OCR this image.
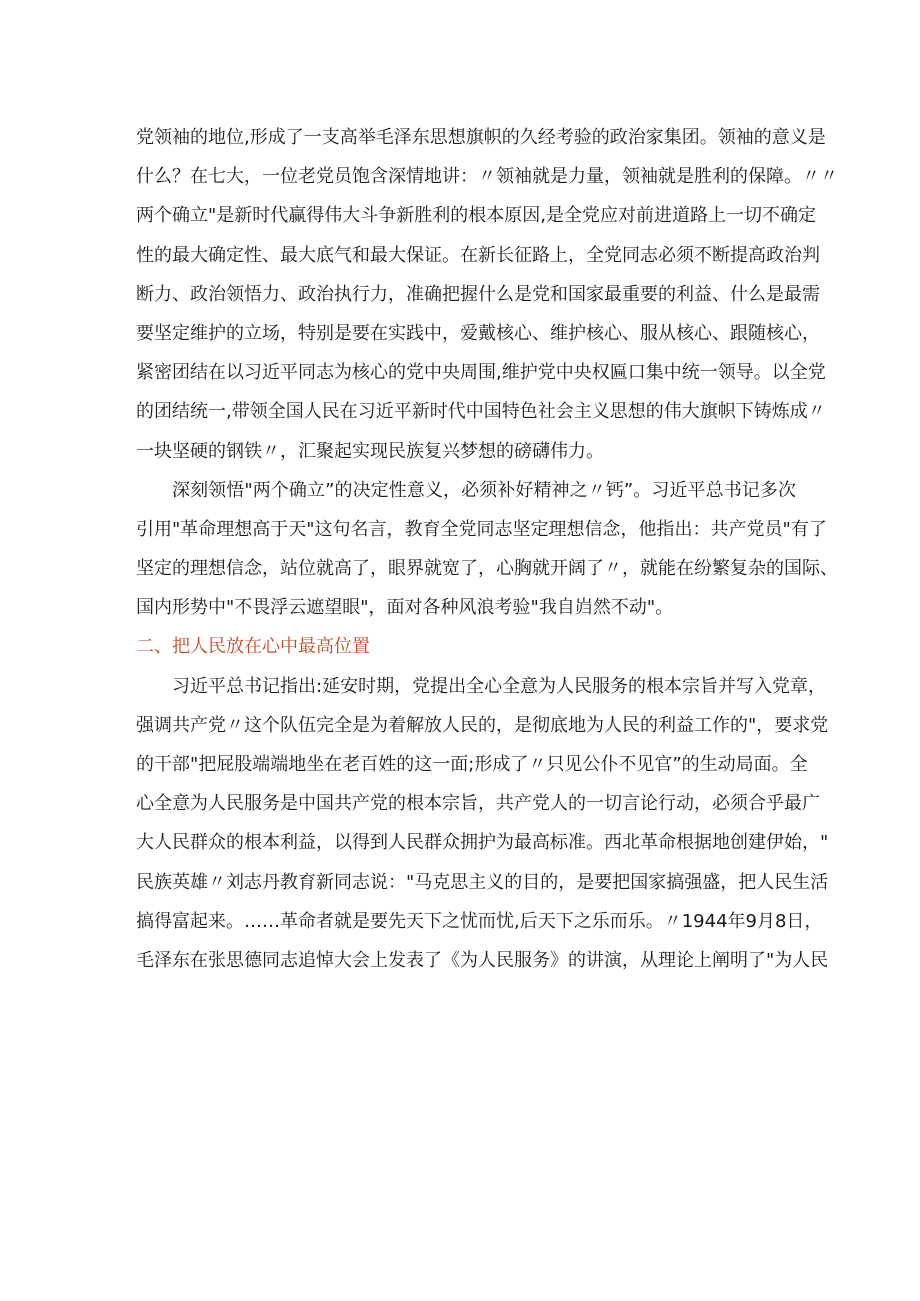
党领袖的地位,形成了一支高举毛泽东思想旗帜的久经考验的政治家集团。领袖的意义是
什么？在七大，一位老党员饱含深情地讲：〃领袖就是力量，领袖就是胜利的保障。〃〃
两个确立"是新时代赢得伟大斗争新胜利的根本原因,是全党应对前进道路上一切不确定
性的最大确定性、最大底气和最大保证。在新长征路上，全党同志必须不断提高政治判
断力、政治领悟力、政治执行力，准确把握什么是党和国家最重要的利益、什么是最需
要坚定维护的立场，特别是要在实践中，爱戴核心、维护核心、服从核心、跟随核心，
紧密团结在以习近平同志为核心的党中央周围,维护党中央权匾口集中统一领导。以全党
的团结统一,带领全国人民在习近平新时代中国特色社会主义思想的伟大旗帜下铸炼成〃
一块坚硬的钢铁〃，汇聚起实现民族复兴梦想的磅礴伟力。
深刻领悟"两个确立”的决定性意义，必须补好精神之〃钙”。习近平总书记多次
引用"革命理想高于天"这句名言，教育全党同志坚定理想信念，他指出：共产党员"有了
坚定的理想信念，站位就高了，眼界就宽了，心胸就开阔了〃，就能在纷繁复杂的国际、
国内形势中"不畏浮云遮望眼"，面对各种风浪考验"我自岿然不动"。
二、把人民放在心中最高位置
习近平总书记指出:延安时期，党提出全心全意为人民服务的根本宗旨并写入党章，
强调共产党〃这个队伍完全是为着解放人民的，是彻底地为人民的利益工作的"，要求党
的干部"把屁股端端地坐在老百姓的这一面;形成了〃只见公仆不见官”的生动局面。全
心全意为人民服务是中国共产党的根本宗旨，共产党人的一切言论行动，必须合乎最广
大人民群众的根本利益，以得到人民群众拥护为最高标准。西北革命根据地创建伊始，"
民族英雄〃刘志丹教育新同志说："马克思主义的目的，是要把国家搞强盛，把人民生活
搞得富起来。……革命者就是要先天下之忧而忧,后天下之乐而乐。〃1944年9月8日，
毛泽东在张思德同志追悼大会上发表了《为人民服务》的讲演，从理论上阐明了"为人民
